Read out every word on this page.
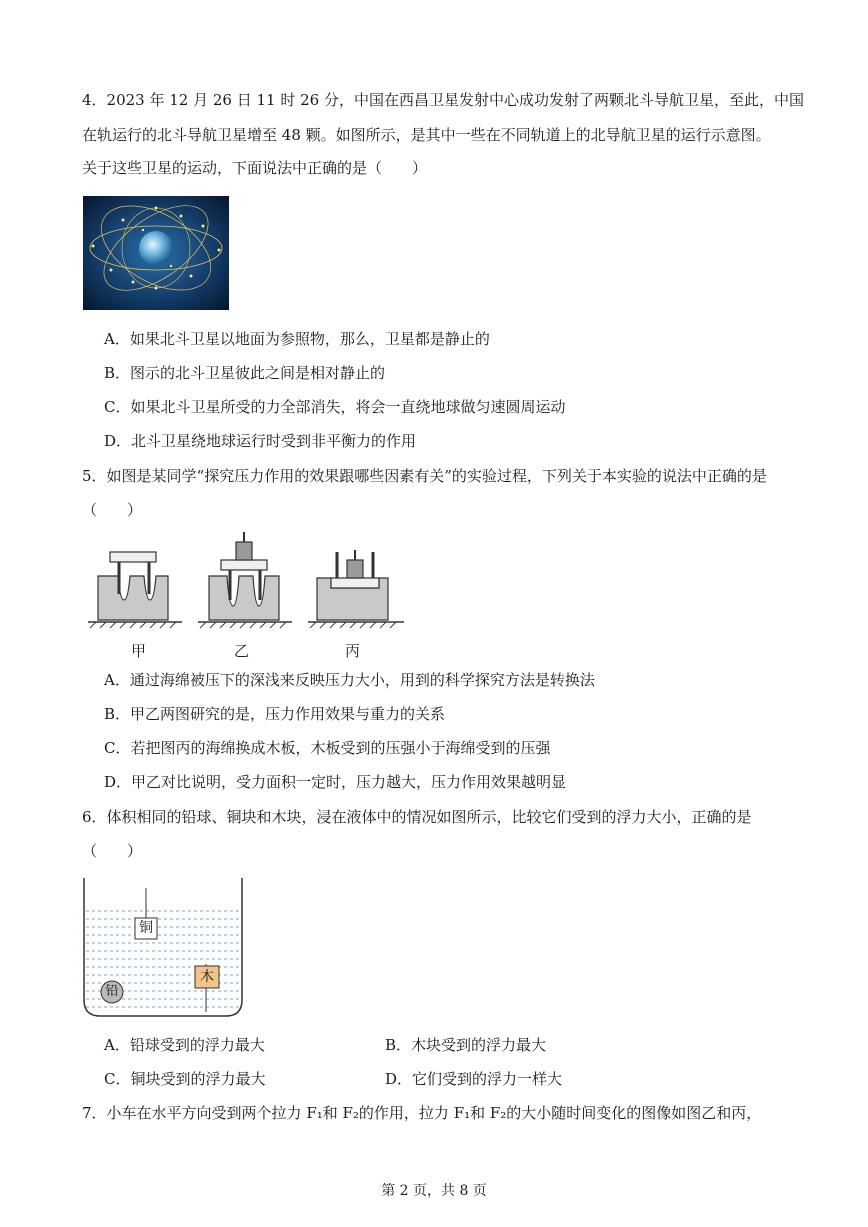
4．2023 年 12 月 26 日 11 时 26 分，中国在西昌卫星发射中心成功发射了两颗北斗导航卫星，至此，中国
在轨运行的北斗导航卫星增至 48 颗。如图所示，是其中一些在不同轨道上的北导航卫星的运行示意图。
关于这些卫星的运动，下面说法中正确的是（　　）
A．如果北斗卫星以地面为参照物，那么，卫星都是静止的
B．图示的北斗卫星彼此之间是相对静止的
C．如果北斗卫星所受的力全部消失，将会一直绕地球做匀速圆周运动
D．北斗卫星绕地球运行时受到非平衡力的作用
5．如图是某同学“探究压力作用的效果跟哪些因素有关”的实验过程，下列关于本实验的说法中正确的是
（　　）
甲	乙	丙
A．通过海绵被压下的深浅来反映压力大小，用到的科学探究方法是转换法
B．甲乙两图研究的是，压力作用效果与重力的关系
C．若把图丙的海绵换成木板，木板受到的压强小于海绵受到的压强
D．甲乙对比说明，受力面积一定时，压力越大，压力作用效果越明显
6．体积相同的铅球、铜块和木块，浸在液体中的情况如图所示，比较它们受到的浮力大小，正确的是
（　　）
铜
木
铅
A．铅球受到的浮力最大	B．木块受到的浮力最大
C．铜块受到的浮力最大	D．它们受到的浮力一样大
7．小车在水平方向受到两个拉力 F₁和 F₂的作用，拉力 F₁和 F₂的大小随时间变化的图像如图乙和丙，
第 2 页，共 8 页
